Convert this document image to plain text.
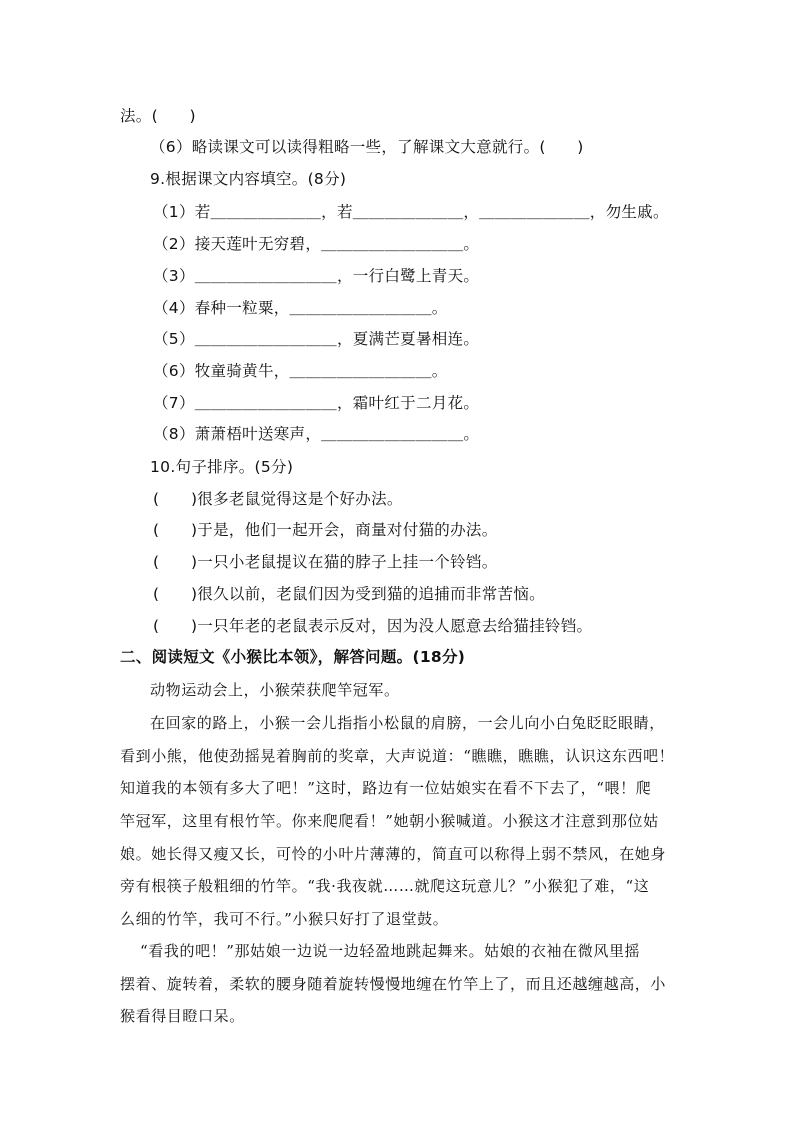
法。(　　)
（6）略读课文可以读得粗略一些，了解课文大意就行。(　　)
9.根据课文内容填空。(8分)
（1）若＿＿＿＿＿＿＿，若＿＿＿＿＿＿＿，＿＿＿＿＿＿＿，勿生戚。
（2）接天莲叶无穷碧，＿＿＿＿＿＿＿＿＿。
（3）＿＿＿＿＿＿＿＿＿，一行白鹭上青天。
（4）春种一粒粟，＿＿＿＿＿＿＿＿＿。
（5）＿＿＿＿＿＿＿＿＿，夏满芒夏暑相连。
（6）牧童骑黄牛，＿＿＿＿＿＿＿＿＿。
（7）＿＿＿＿＿＿＿＿＿，霜叶红于二月花。
（8）萧萧梧叶送寒声，＿＿＿＿＿＿＿＿＿。
10.句子排序。(5分)
(　　)很多老鼠觉得这是个好办法。
(　　)于是，他们一起开会，商量对付猫的办法。
(　　)一只小老鼠提议在猫的脖子上挂一个铃铛。
(　　)很久以前，老鼠们因为受到猫的追捕而非常苦恼。
(　　)一只年老的老鼠表示反对，因为没人愿意去给猫挂铃铛。
二、阅读短文《小猴比本领》，解答问题。(18分)
动物运动会上，小猴荣获爬竿冠军。
在回家的路上，小猴一会儿指指小松鼠的肩膀，一会儿向小白兔眨眨眼睛，
看到小熊，他使劲摇晃着胸前的奖章，大声说道：“瞧瞧，瞧瞧，认识这东西吧！
知道我的本领有多大了吧！”这时，路边有一位姑娘实在看不下去了，“喂！爬
竿冠军，这里有根竹竿。你来爬爬看！”她朝小猴喊道。小猴这才注意到那位姑
娘。她长得又瘦又长，可怜的小叶片薄薄的，简直可以称得上弱不禁风，在她身
旁有根筷子般粗细的竹竿。“我·我夜就……就爬这玩意儿？”小猴犯了难，“这
么细的竹竿，我可不行。”小猴只好打了退堂鼓。
“看我的吧！”那姑娘一边说一边轻盈地跳起舞来。姑娘的衣袖在微风里摇
摆着、旋转着，柔软的腰身随着旋转慢慢地缠在竹竿上了，而且还越缠越高，小
猴看得目瞪口呆。
